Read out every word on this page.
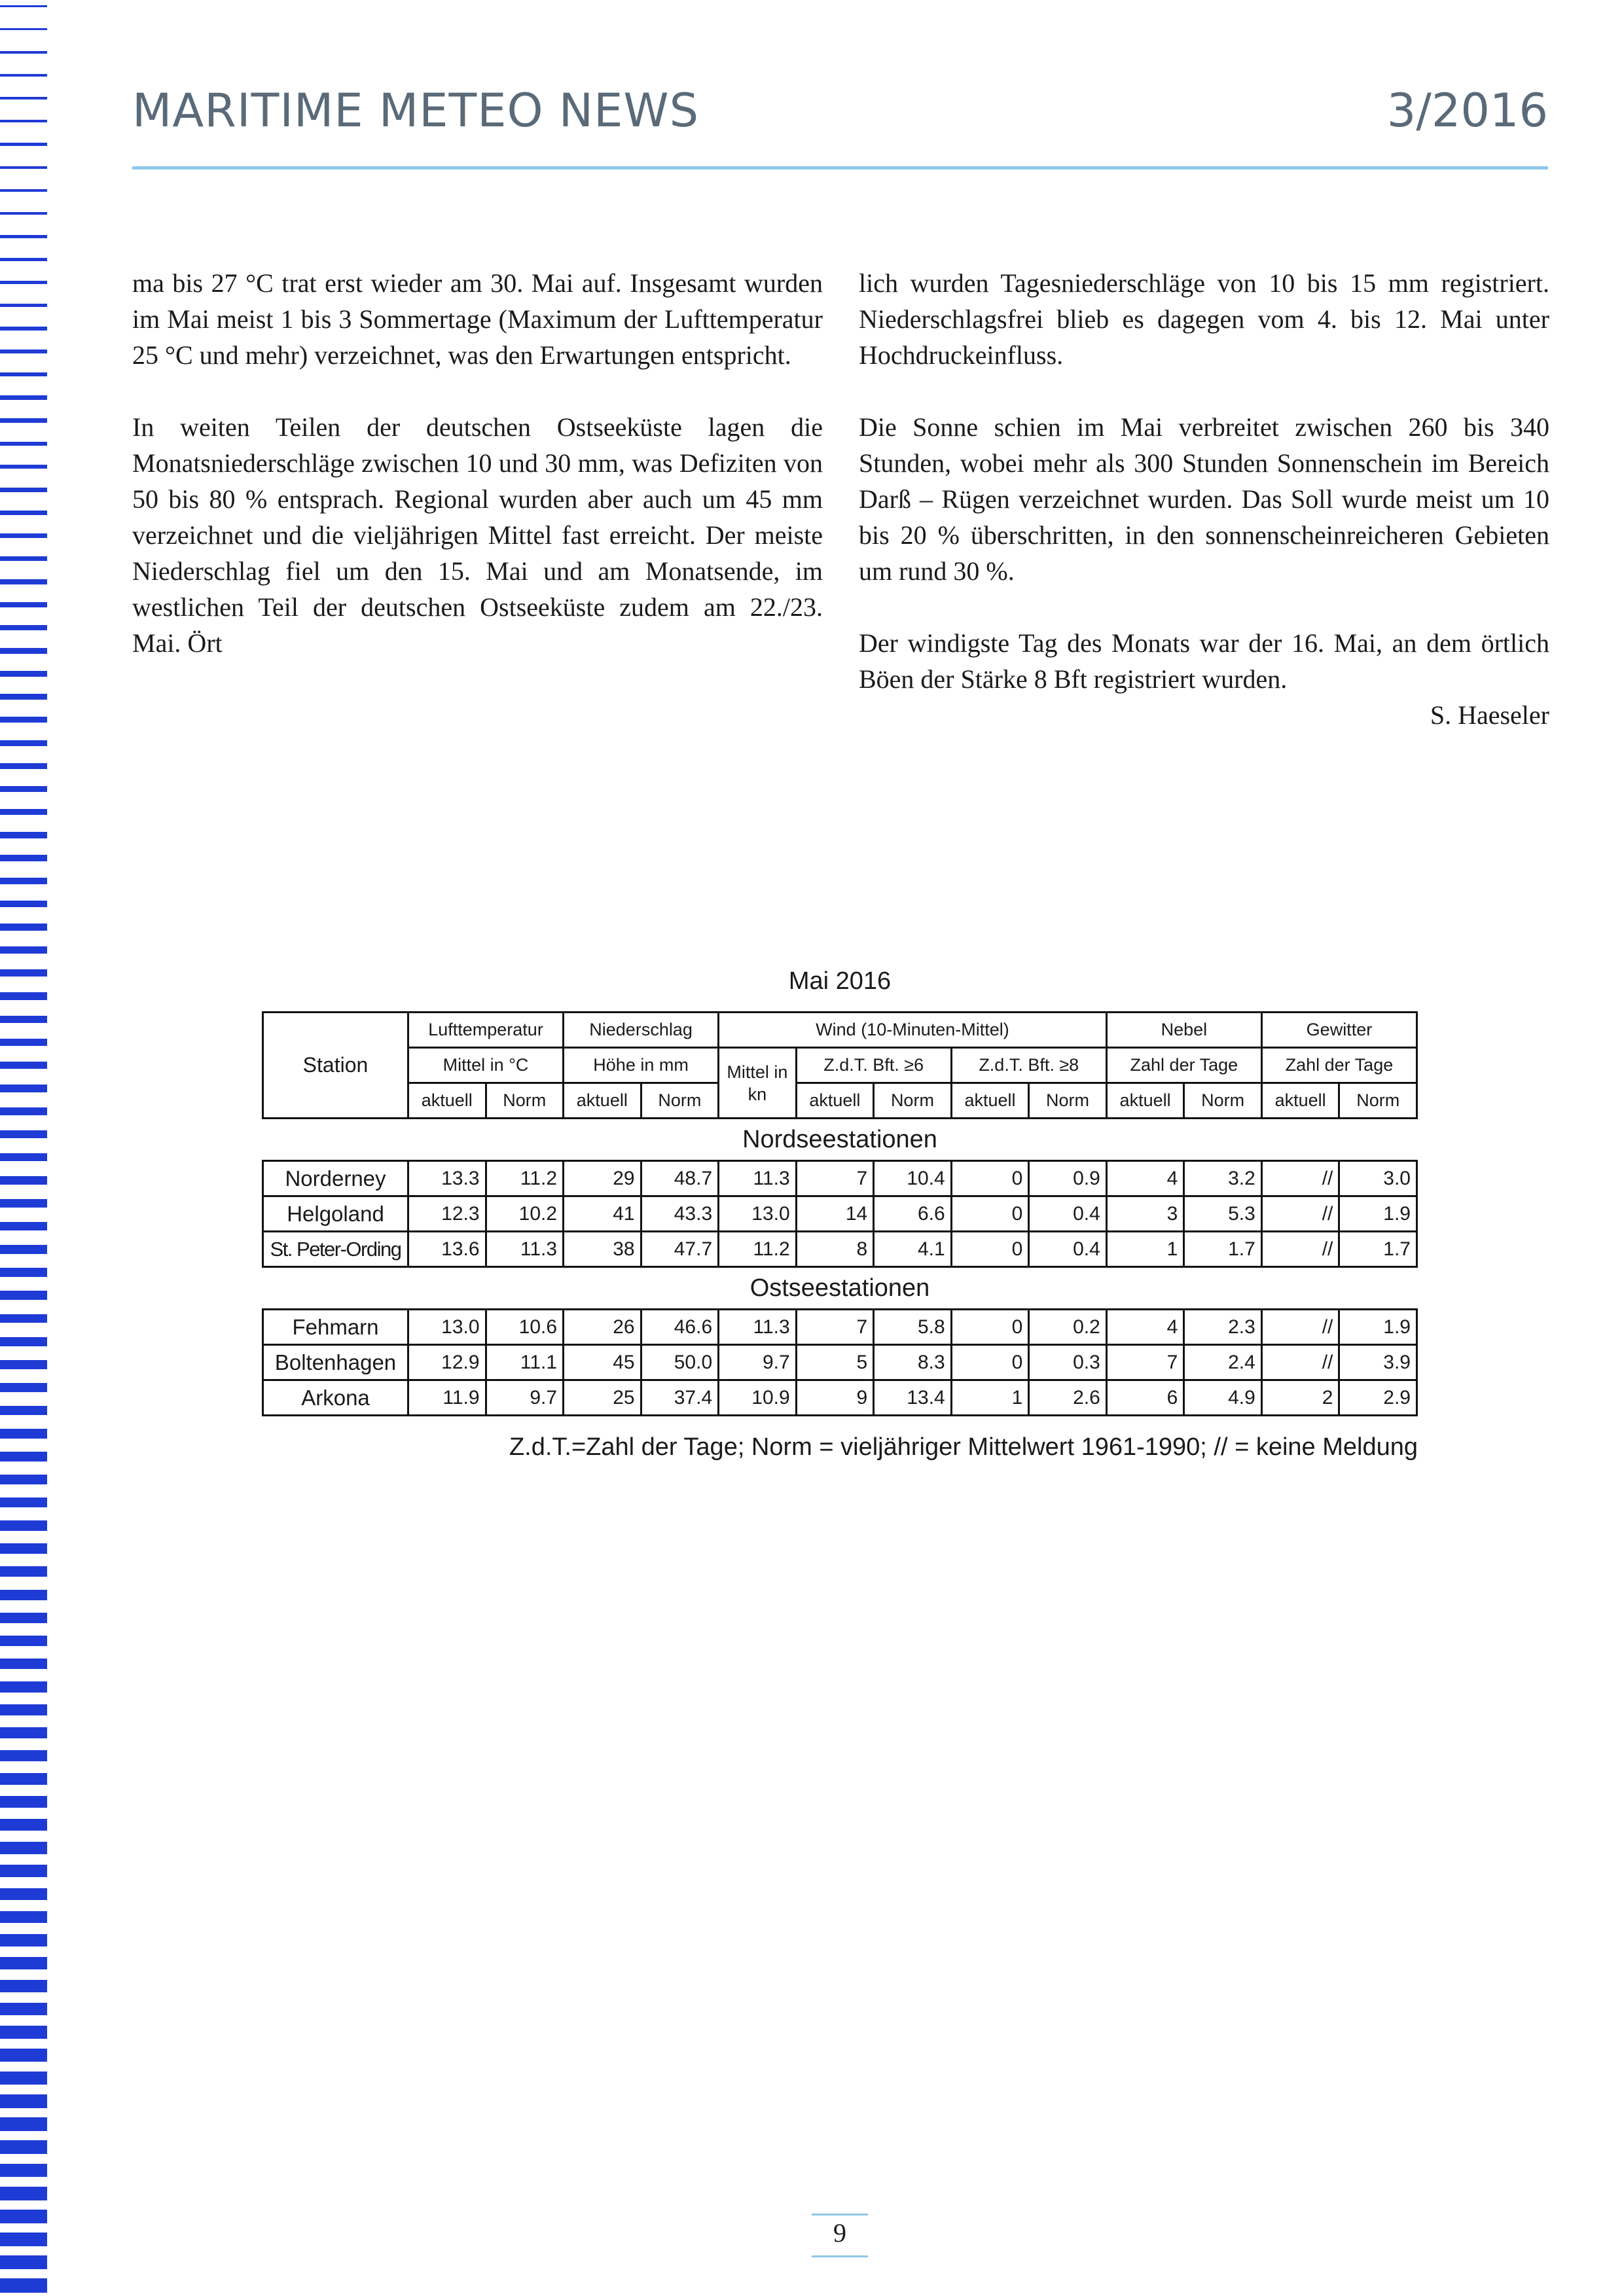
MARITIME METEO NEWS	3/2016

ma bis 27 °C trat erst wieder am 30. Mai auf. Insgesamt wurden im Mai meist 1 bis 3 Sommertage (Maximum der Lufttemperatur 25 °C und mehr) verzeichnet, was den Erwartungen entspricht.

In weiten Teilen der deutschen Ostseeküste lagen die Monatsniederschläge zwischen 10 und 30 mm, was Defiziten von 50 bis 80 % entsprach. Regional wurden aber auch um 45 mm verzeichnet und die vieljährigen Mittel fast erreicht. Der meiste Niederschlag fiel um den 15. Mai und am Monatsende, im westlichen Teil der deutschen Ostseeküste zudem am 22./23. Mai. Ört

lich wurden Tagesniederschläge von 10 bis 15 mm registriert. Niederschlagsfrei blieb es dagegen vom 4. bis 12. Mai unter Hochdruckeinfluss.

Die Sonne schien im Mai verbreitet zwischen 260 bis 340 Stunden, wobei mehr als 300 Stunden Sonnenschein im Bereich Darß – Rügen verzeichnet wurden. Das Soll wurde meist um 10 bis 20 % überschritten, in den sonnenscheinreicheren Gebieten um rund 30 %.

Der windigste Tag des Monats war der 16. Mai, an dem örtlich Böen der Stärke 8 Bft registriert wurden.

S. Haeseler

Mai 2016
Station	Lufttemperatur		Niederschlag		Wind (10-Minuten-Mittel)					Nebel		Gewitter	
	Mittel in °C		Höhe in mm		Mittel in kn	Z.d.T. Bft. ≥6		Z.d.T. Bft. ≥8		Zahl der Tage		Zahl der Tage	
	aktuell	Norm	aktuell	Norm		aktuell	Norm	aktuell	Norm	aktuell	Norm	aktuell	Norm
Nordseestationen
Norderney	13.3	11.2	29	48.7	11.3	7	10.4	0	0.9	4	3.2	//	3.0
Helgoland	12.3	10.2	41	43.3	13.0	14	6.6	0	0.4	3	5.3	//	1.9
St. Peter-Ording	13.6	11.3	38	47.7	11.2	8	4.1	0	0.4	1	1.7	//	1.7
Ostseestationen
Fehmarn	13.0	10.6	26	46.6	11.3	7	5.8	0	0.2	4	2.3	//	1.9
Boltenhagen	12.9	11.1	45	50.0	9.7	5	8.3	0	0.3	7	2.4	//	3.9
Arkona	11.9	9.7	25	37.4	10.9	9	13.4	1	2.6	6	4.9	2	2.9
Z.d.T.=Zahl der Tage; Norm = vieljähriger Mittelwert 1961-1990; // = keine Meldung
9
